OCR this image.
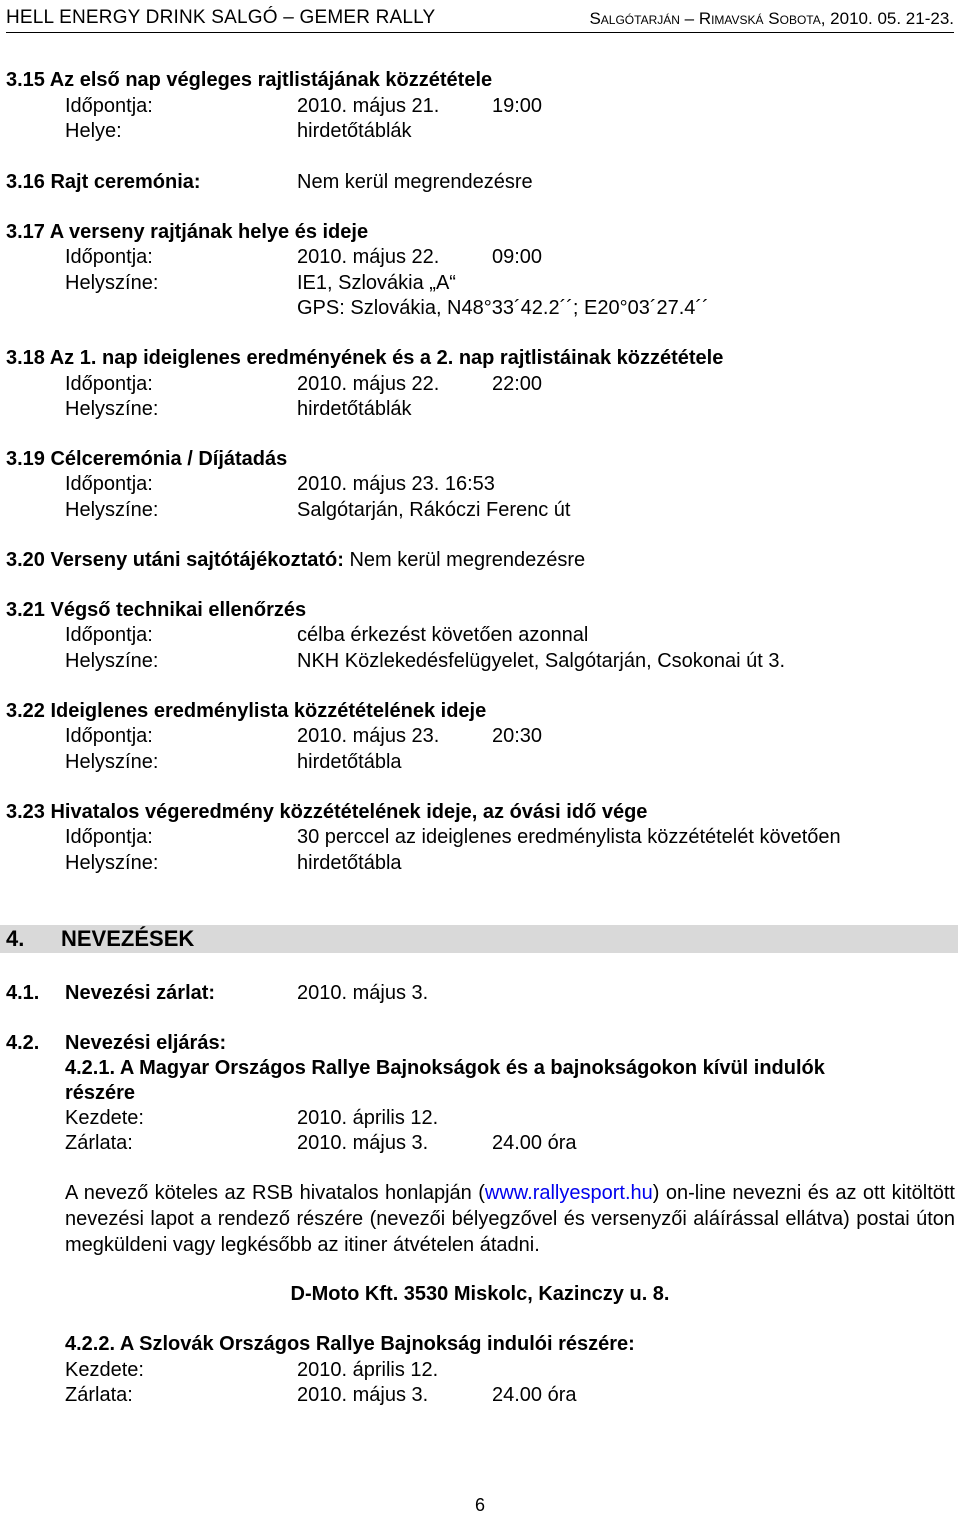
HELL ENERGY DRINK SALGÓ – GEMER RALLY	Salgótarján – Rimavská Sobota, 2010. 05. 21-23.
3.15 Az első nap végleges rajtlistájának közzététele
Időpontja:	2010. május 21.	19:00
Helye:	hirdetőtáblák
3.16 Rajt ceremónia:	Nem kerül megrendezésre
3.17 A verseny rajtjának helye és ideje
Időpontja:	2010. május 22.	09:00
Helyszíne:	IE1, Szlovákia „A“
GPS: Szlovákia, N48°33´42.2´´; E20°03´27.4´´
3.18 Az 1. nap ideiglenes eredményének és a 2. nap rajtlistáinak közzététele
Időpontja:	2010. május 22.	22:00
Helyszíne:	hirdetőtáblák
3.19 Célceremónia / Díjátadás
Időpontja:	2010. május 23. 16:53
Helyszíne:	Salgótarján, Rákóczi Ferenc út
3.20 Verseny utáni sajtótájékoztató: Nem kerül megrendezésre
3.21 Végső technikai ellenőrzés
Időpontja:	célba érkezést követően azonnal
Helyszíne:	NKH Közlekedésfelügyelet, Salgótarján, Csokonai út 3.
3.22 Ideiglenes eredménylista közzétételének ideje
Időpontja:	2010. május 23.	20:30
Helyszíne:	hirdetőtábla
3.23 Hivatalos végeredmény közzétételének ideje, az óvási idő vége
Időpontja:	30 perccel az ideiglenes eredménylista közzétételét követően
Helyszíne:	hirdetőtábla
4. NEVEZÉSEK
4.1. Nevezési zárlat:	2010. május 3.
4.2. Nevezési eljárás:
4.2.1. A Magyar Országos Rallye Bajnokságok és a bajnokságokon kívül indulók
részére
Kezdete:	2010. április 12.
Zárlata:	2010. május 3.	24.00 óra
A nevező köteles az RSB hivatalos honlapján (www.rallyesport.hu) on-line nevezni és az ott kitöltött nevezési lapot a rendező részére (nevezői bélyegzővel és versenyzői aláírással ellátva) postai úton megküldeni vagy legkésőbb az itiner átvételen átadni.
D-Moto Kft. 3530 Miskolc, Kazinczy u. 8.
4.2.2. A Szlovák Országos Rallye Bajnokság indulói részére:
Kezdete:	2010. április 12.
Zárlata:	2010. május 3.	24.00 óra
6
